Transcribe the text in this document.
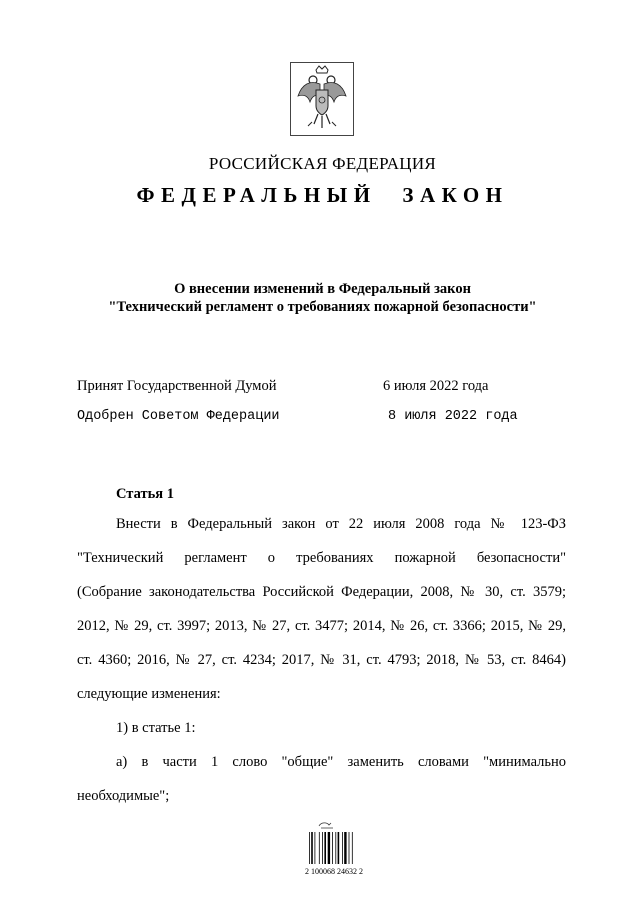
РОССИЙСКАЯ ФЕДЕРАЦИЯ
ФЕДЕРАЛЬНЫЙ ЗАКОН
О внесении изменений в Федеральный закон
"Технический регламент о требованиях пожарной безопасности"
Принят Государственной Думой	6 июля 2022 года
Одобрен Советом Федерации	8 июля 2022 года
Статья 1
Внести в Федеральный закон от 22 июля 2008 года № 123-ФЗ
"Технический регламент о требованиях пожарной безопасности"
(Собрание законодательства Российской Федерации, 2008, № 30, ст. 3579;
2012, № 29, ст. 3997; 2013, № 27, ст. 3477; 2014, № 26, ст. 3366; 2015, № 29,
ст. 4360; 2016, № 27, ст. 4234; 2017, № 31, ст. 4793; 2018, № 53, ст. 8464)
следующие изменения:
1) в статье 1:
а) в части 1 слово "общие" заменить словами "минимально
необходимые";
2 100068 24632 2
